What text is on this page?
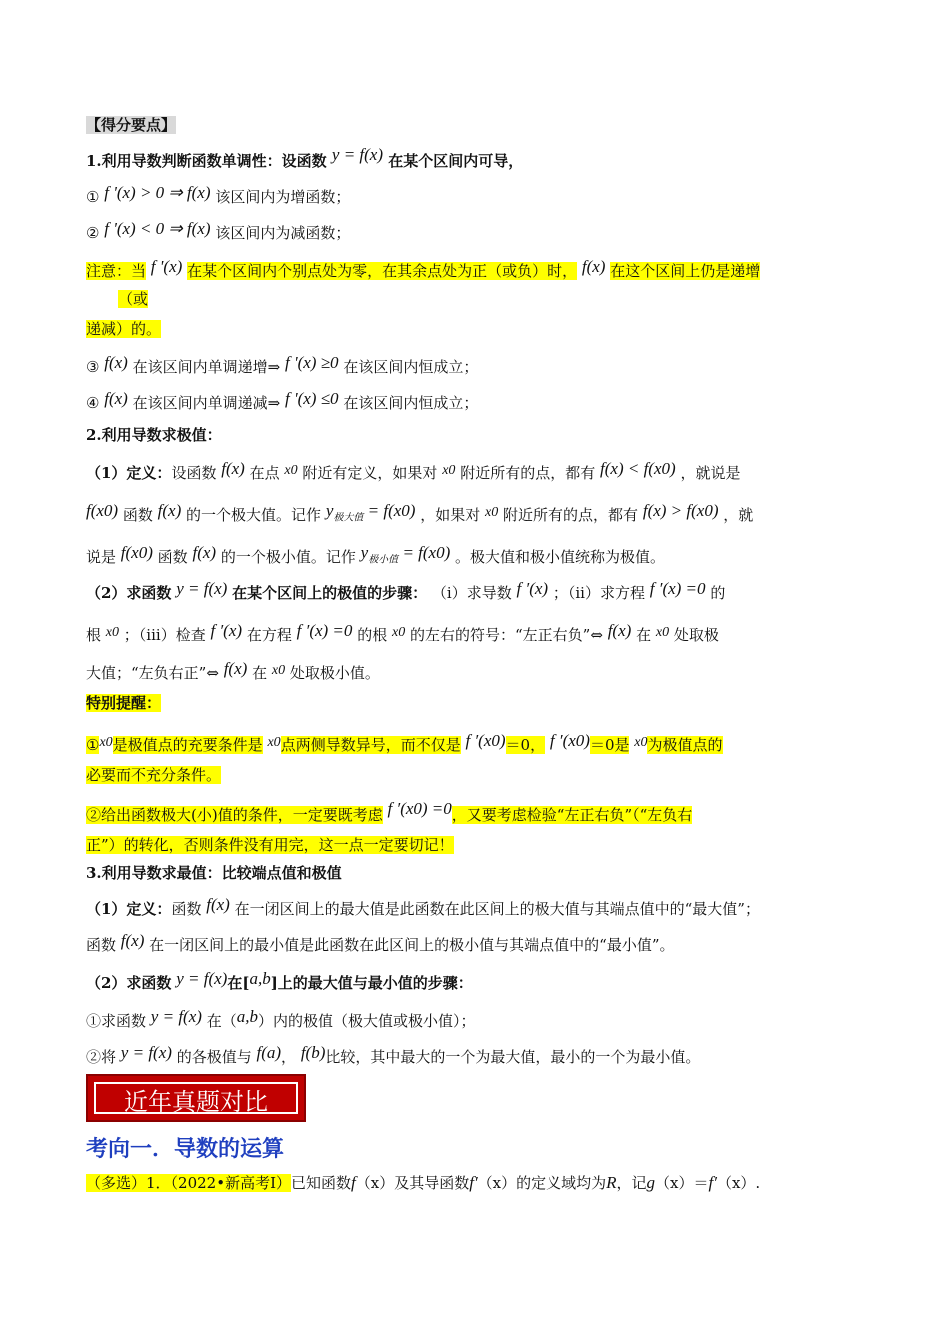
【得分要点】
1.利用导数判断函数单调性：设函数 y = f(x) 在某个区间内可导，
① f '(x) > 0 ⇒ f(x) 该区间内为增函数；
② f '(x) < 0 ⇒ f(x) 该区间内为减函数；
注意：当 f '(x) 在某个区间内个别点处为零，在其余点处为正（或负）时， f(x) 在这个区间上仍是递增
（或
递减）的。
③ f(x) 在该区间内单调递增⇒ f '(x) ≥0 在该区间内恒成立；
④ f(x) 在该区间内单调递减⇒ f '(x) ≤0 在该区间内恒成立；
2.利用导数求极值：
（1）定义：设函数 f(x) 在点 x0 附近有定义，如果对 x0 附近所有的点，都有 f(x) < f(x0) ，就说是
f(x0) 函数 f(x) 的一个极大值。记作 $y_{极大值} = f(x0)$ ，如果对 x0 附近所有的点，都有 f(x) > f(x0) ，就
说是 f(x0) 函数 f(x) 的一个极小值。记作 $y_{极小值} = f(x0)$ 。极大值和极小值统称为极值。
（2）求函数 y = f(x) 在某个区间上的极值的步骤： （i）求导数 f ′(x) ；（ii）求方程 f ′(x) =0 的
根 x0 ；（iii）检查 f ′(x) 在方程 f ′(x) =0 的根 x0 的左右的符号：“左正右负”⇔ f(x) 在 x0 处取极
大值；“左负右正”⇔ f(x) 在 x0 处取极小值。
特别提醒：
①x0是极值点的充要条件是 x0点两侧导数异号，而不仅是 f ′(x0)＝0， f ′(x0)＝0是 x0为极值点的
必要而不充分条件。
②给出函数极大(小)值的条件，一定要既考虑 f ′(x0) =0，又要考虑检验“左正右负”（“左负右
正”）的转化，否则条件没有用完，这一点一定要切记！
3.利用导数求最值：比较端点值和极值
（1）定义：函数 f(x) 在一闭区间上的最大值是此函数在此区间上的极大值与其端点值中的“最大值”；
函数 f(x) 在一闭区间上的最小值是此函数在此区间上的极小值与其端点值中的“最小值”。
（2）求函数 y = f(x)在[a,b]上的最大值与最小值的步骤：
①求函数 y = f(x) 在（a,b）内的极值（极大值或极小值）；
②将 y = f(x) 的各极值与 f(a)， f(b)比较，其中最大的一个为最大值，最小的一个为最小值。
近年真题对比
考向一．导数的运算
（多选）1．（2022•新高考Ⅰ）已知函数f（x）及其导函数f′（x）的定义域均为R，记g（x）＝f′（x）.
